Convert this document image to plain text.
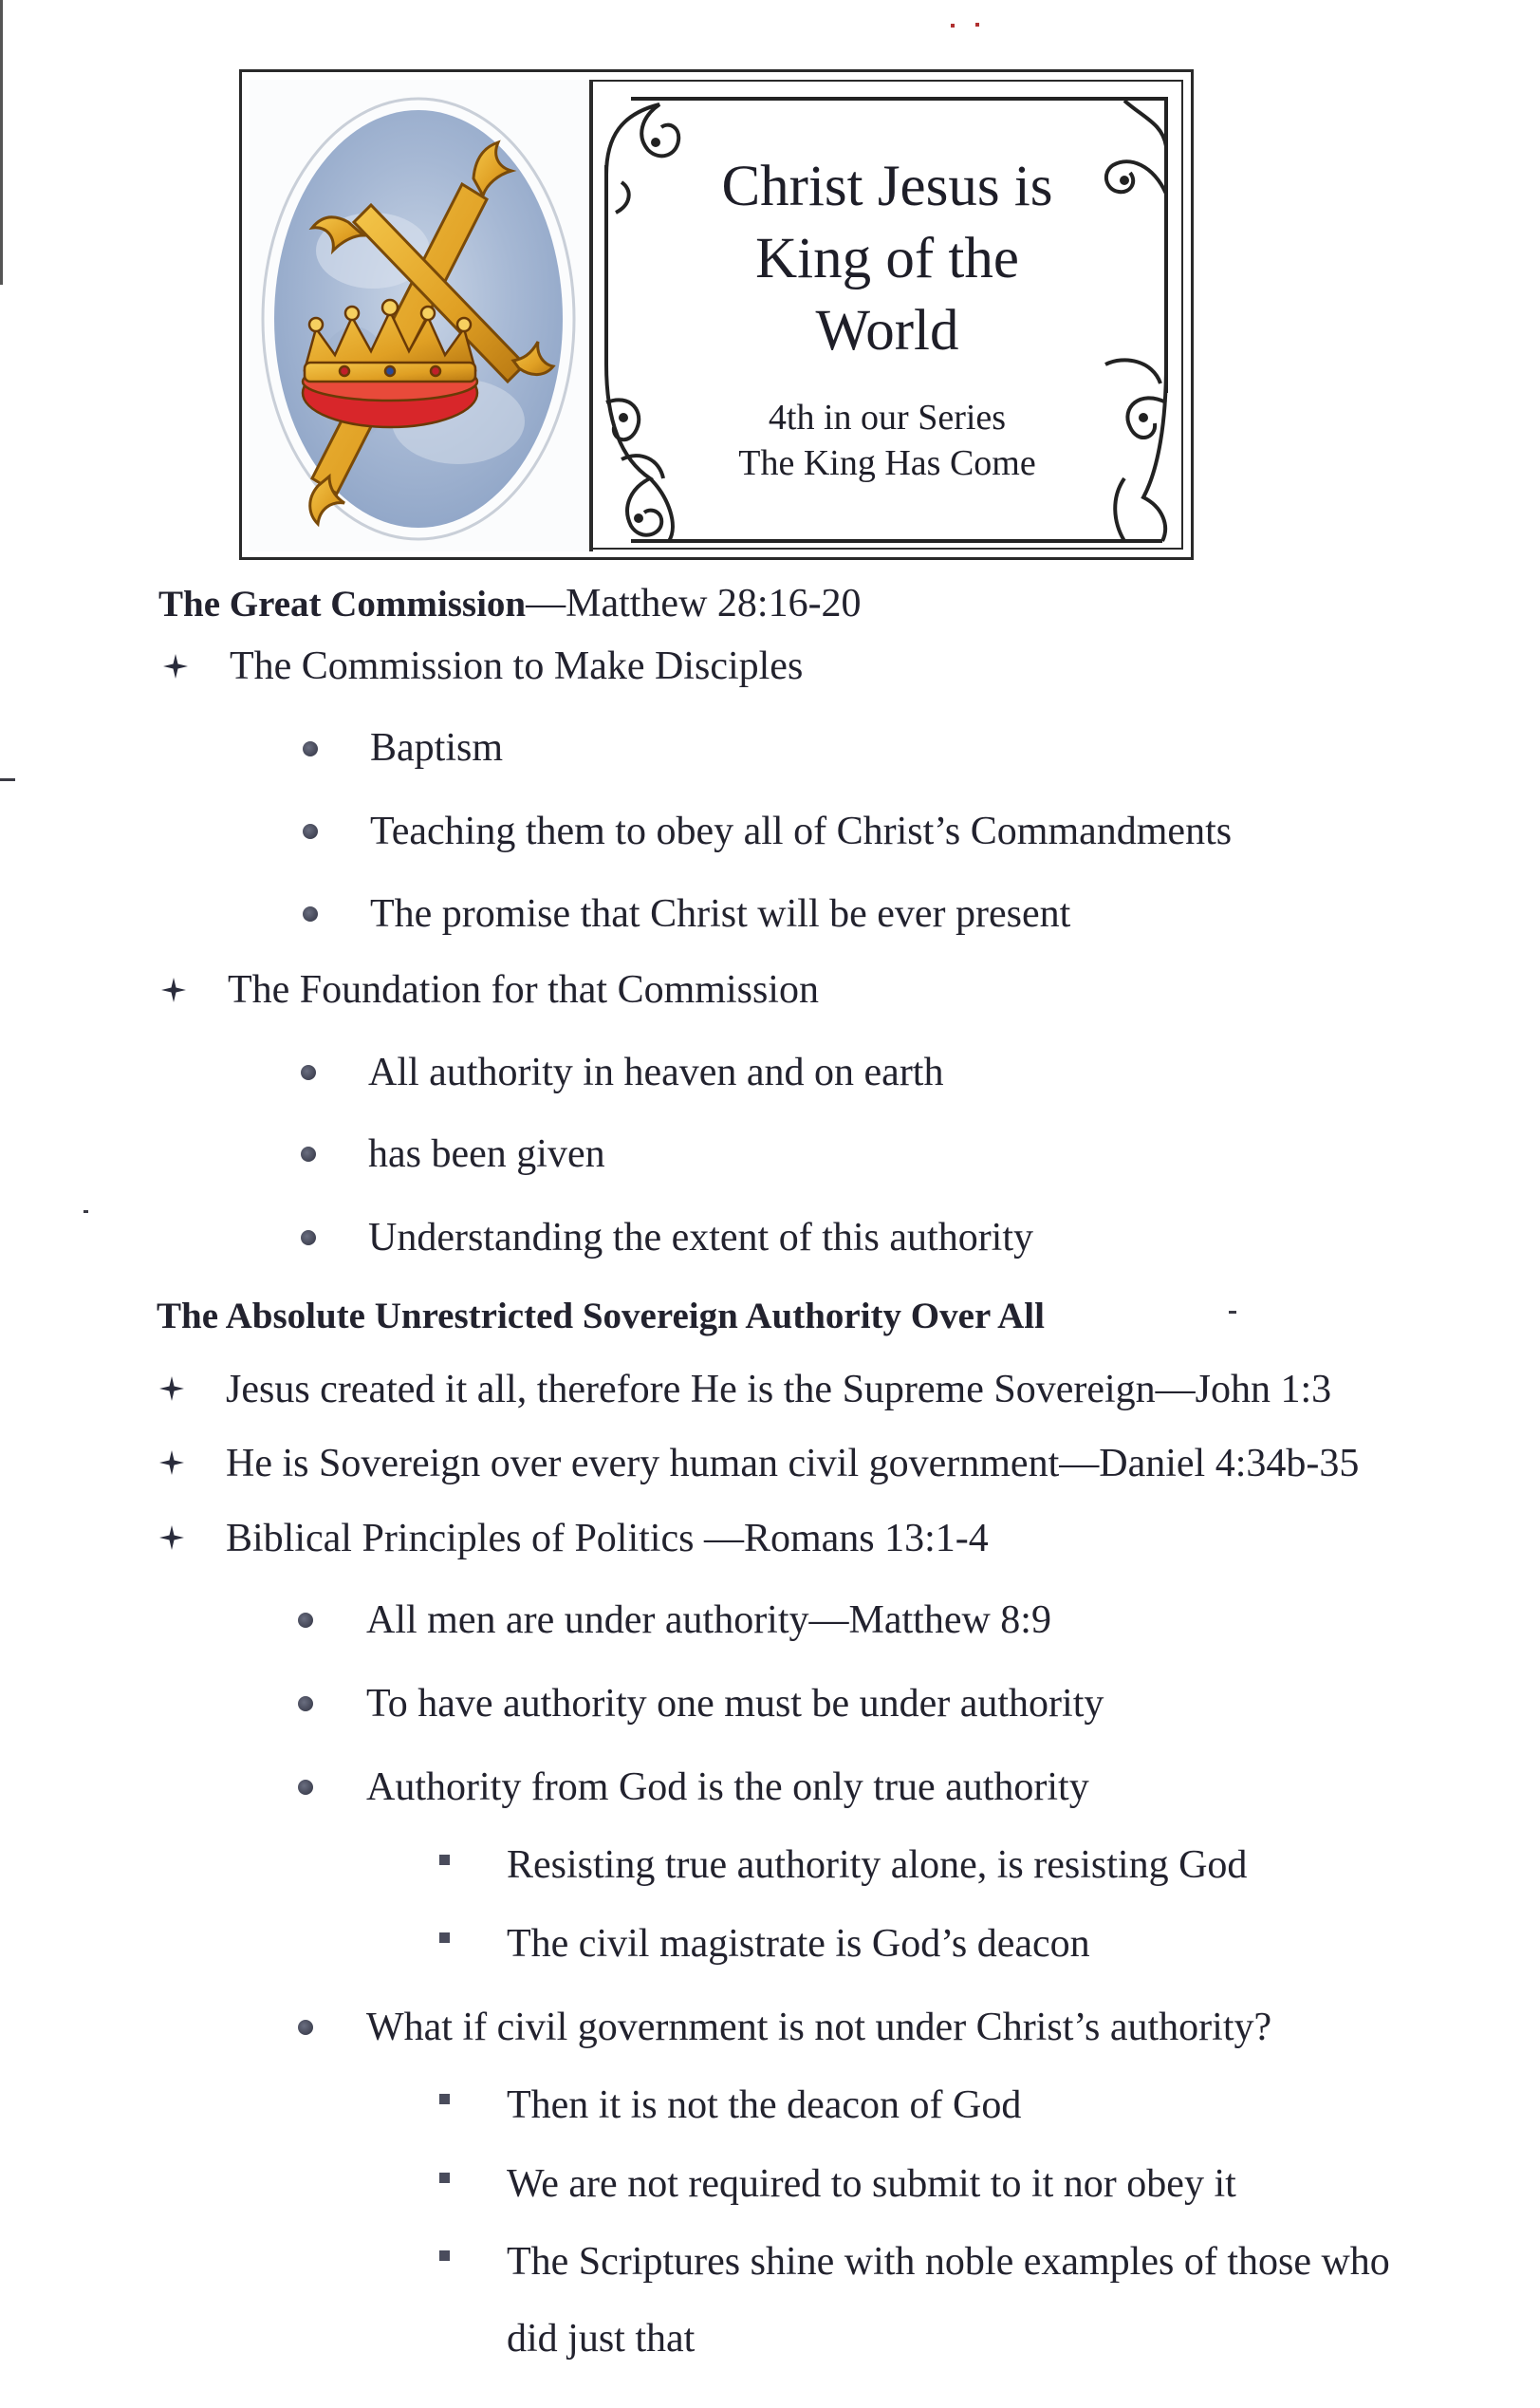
Christ Jesus is
King of the
World
4th in our Series
The King Has Come
The Great Commission—Matthew 28:16-20
The Commission to Make Disciples
Baptism
Teaching them to obey all of Christ’s Commandments
The promise that Christ will be ever present
The Foundation for that Commission
All authority in heaven and on earth
has been given
Understanding the extent of this authority
The Absolute Unrestricted Sovereign Authority Over All
Jesus created it all, therefore He is the Supreme Sovereign—John 1:3
He is Sovereign over every human civil government—Daniel 4:34b-35
Biblical Principles of Politics —Romans 13:1-4
All men are under authority—Matthew 8:9
To have authority one must be under authority
Authority from God is the only true authority
Resisting true authority alone, is resisting God
The civil magistrate is God’s deacon
What if civil government is not under Christ’s authority?
Then it is not the deacon of God
We are not required to submit to it nor obey it
The Scriptures shine with noble examples of those who
did just that
